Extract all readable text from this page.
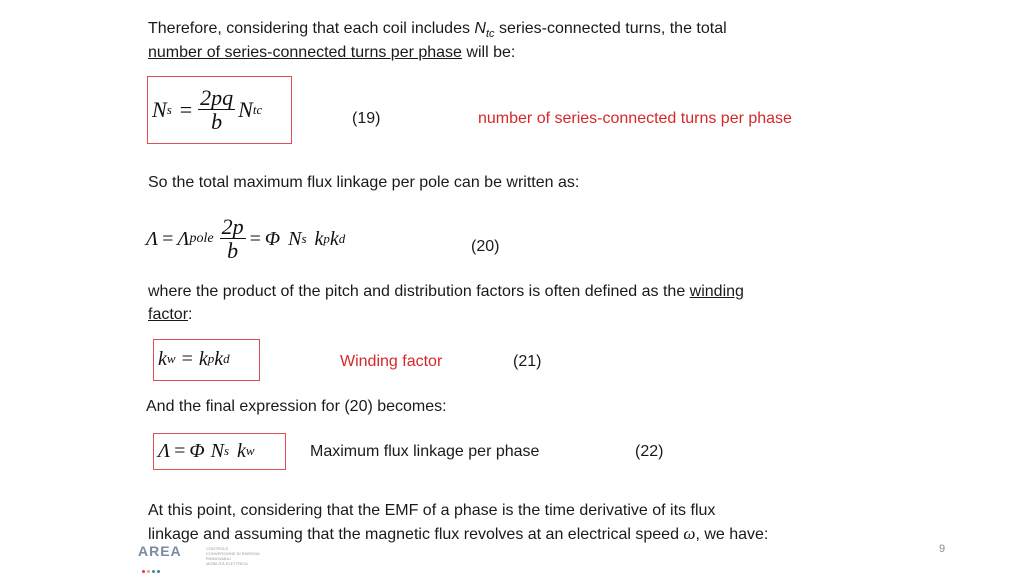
Therefore, considering that each coil includes $N_{tc}$ series-connected turns, the total
number of series-connected turns per phase will be:
N $s = \frac{2pq}{b}$ N tc
(19)	number of series-connected turns per phase
So the total maximum flux linkage per pole can be written as:
Λ = Λ pole $\frac{2p}{b} = \Phi$ N s k p k d	(20)
where the product of the pitch and distribution factors is often defined as the winding
factor:
k w = k p k d	Winding factor	(21)
And the final expression for (20) becomes:
Λ = Φ N s k w	Maximum flux linkage per phase	(22)
At this point, considering that the EMF of a phase is the time derivative of its flux
linkage and assuming that the magnetic flux revolves at an electrical speed ω, we have:
AREA	CONTROLS
CONVERSIONE DI ENERGIA
RINNOVABILI
MOBILITÀ ELETTRICA
9
